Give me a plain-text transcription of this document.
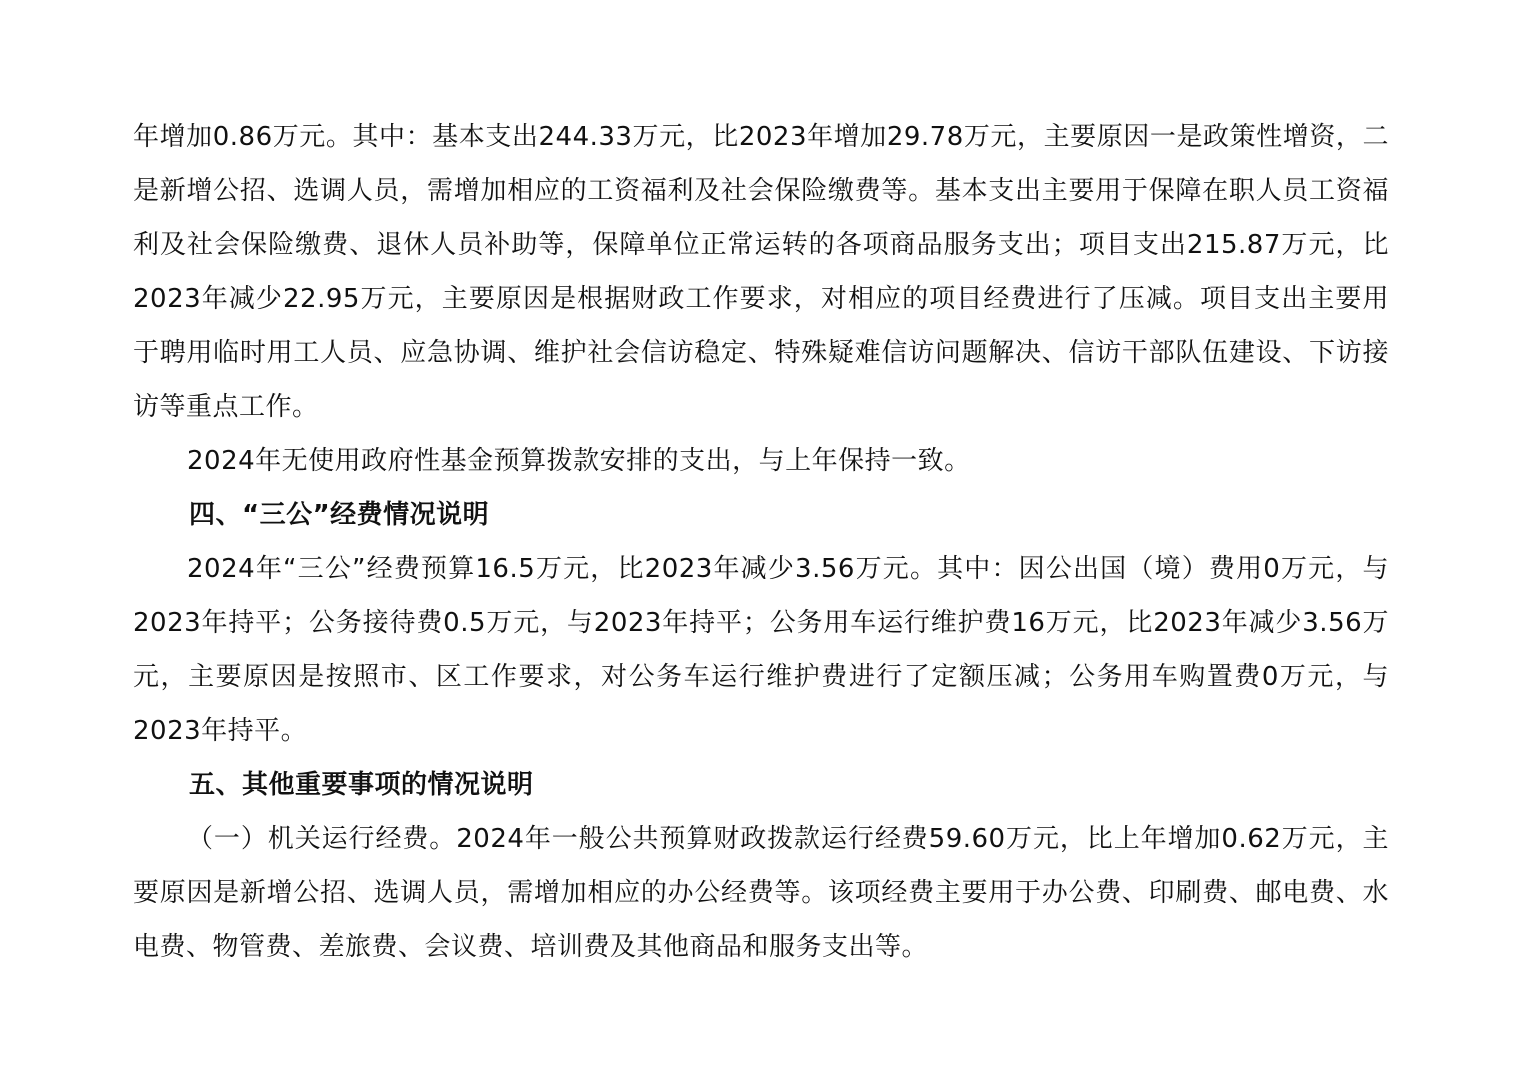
年增加0.86万元。其中：基本支出244.33万元，比2023年增加29.78万元，主要原因一是政策性增资，二是新增公招、选调人员，需增加相应的工资福利及社会保险缴费等。基本支出主要用于保障在职人员工资福利及社会保险缴费、退休人员补助等，保障单位正常运转的各项商品服务支出；项目支出215.87万元，比2023年减少22.95万元，主要原因是根据财政工作要求，对相应的项目经费进行了压减。项目支出主要用于聘用临时用工人员、应急协调、维护社会信访稳定、特殊疑难信访问题解决、信访干部队伍建设、下访接访等重点工作。

2024年无使用政府性基金预算拨款安排的支出，与上年保持一致。

四、“三公”经费情况说明

2024年“三公”经费预算16.5万元，比2023年减少3.56万元。其中：因公出国（境）费用0万元，与2023年持平；公务接待费0.5万元，与2023年持平；公务用车运行维护费16万元，比2023年减少3.56万元，主要原因是按照市、区工作要求，对公务车运行维护费进行了定额压减；公务用车购置费0万元，与2023年持平。

五、其他重要事项的情况说明

（一）机关运行经费。2024年一般公共预算财政拨款运行经费59.60万元，比上年增加0.62万元，主要原因是新增公招、选调人员，需增加相应的办公经费等。该项经费主要用于办公费、印刷费、邮电费、水电费、物管费、差旅费、会议费、培训费及其他商品和服务支出等。
